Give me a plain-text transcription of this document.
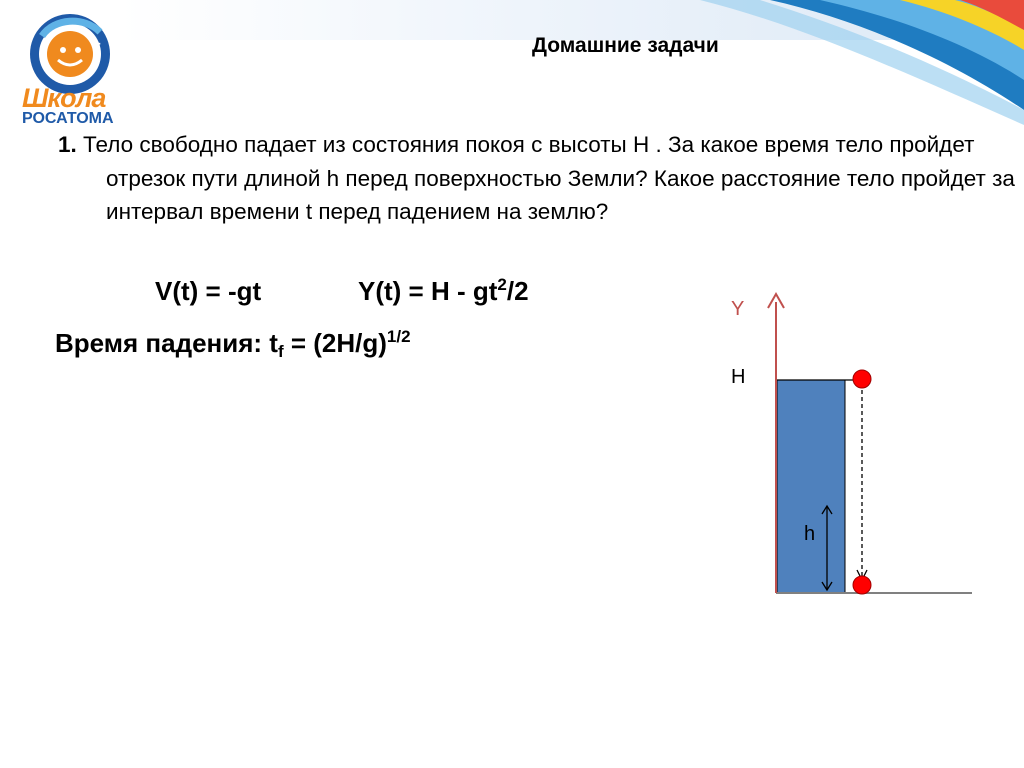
+
Школа
РОСАТОМА
Домашние задачи
1. Тело свободно падает из состояния покоя с высоты H . За какое время тело пройдет отрезок пути длиной h перед поверхностью Земли? Какое расстояние тело пройдет за интервал времени t перед падением на землю?
V(t) = -gt	$Y(t) = H - gt^2/2$
Время падения: $t_f = (2H/g)^{1/2}$
Y
H
h
